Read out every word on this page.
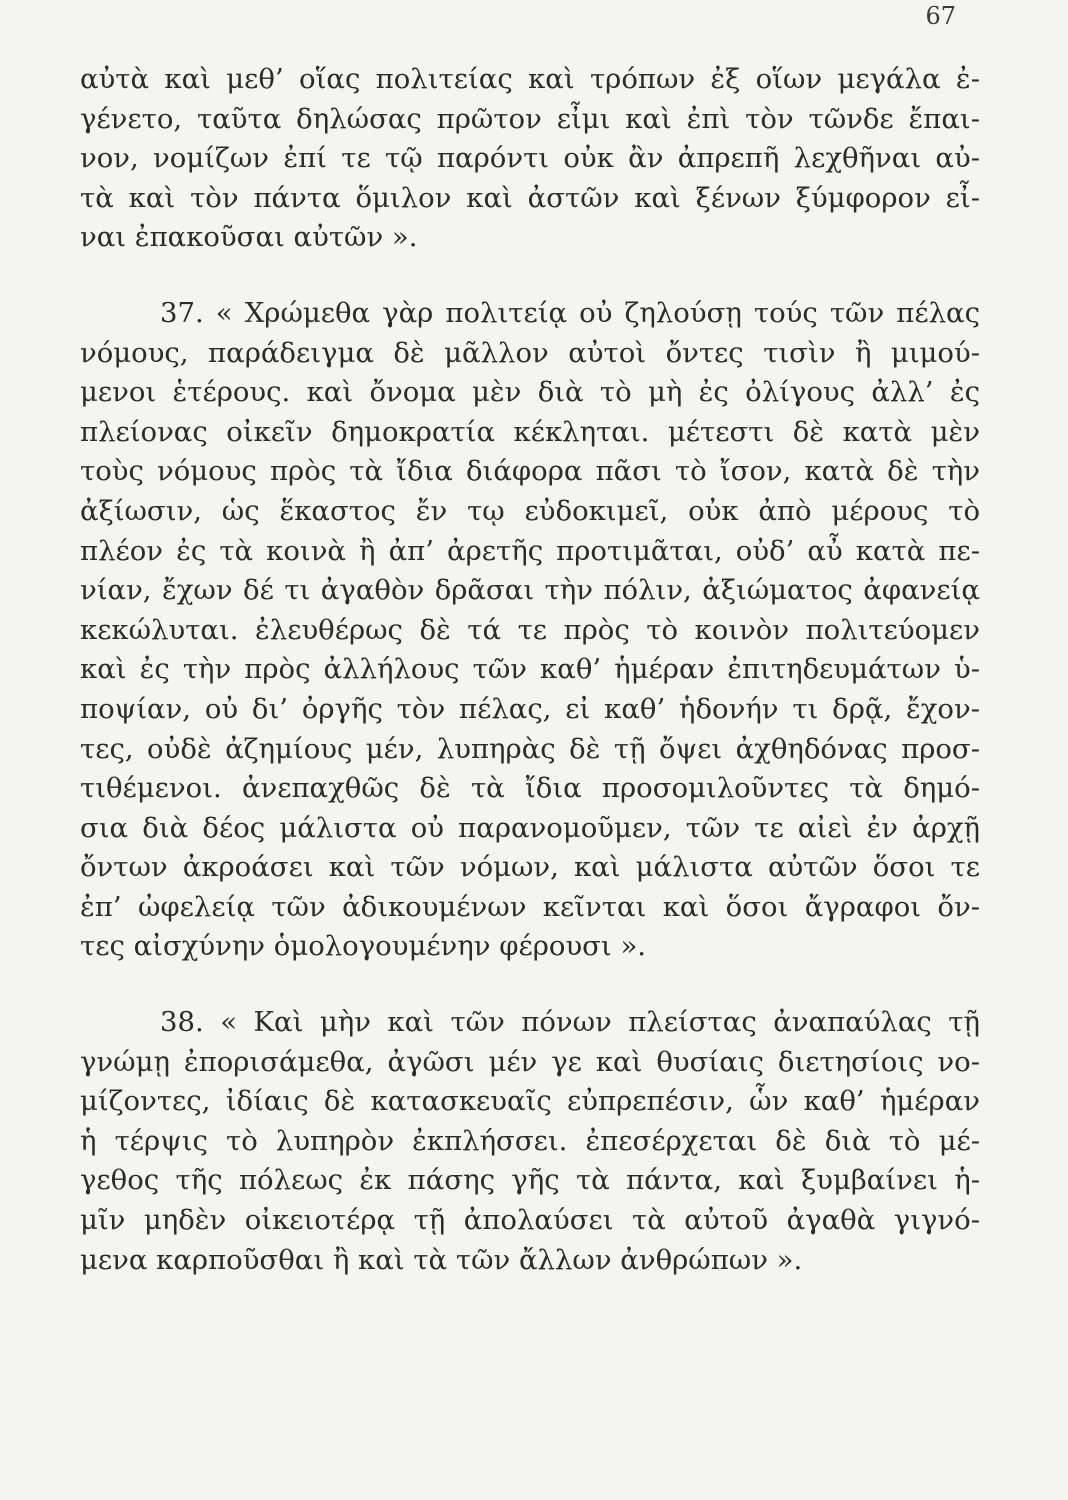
67
αὐτὰ καὶ μεθ’ οἵας πολιτείας καὶ τρόπων ἐξ οἵων μεγάλα ἐ-
γένετο, ταῦτα δηλώσας πρῶτον εἶμι καὶ ἐπὶ τὸν τῶνδε ἔπαι-
νον, νομίζων ἐπί τε τῷ παρόντι οὐκ ἂν ἀπρεπῆ λεχθῆναι αὐ-
τὰ καὶ τὸν πάντα ὅμιλον καὶ ἀστῶν καὶ ξένων ξύμφορον εἶ-
ναι ἐπακοῦσαι αὐτῶν ».
37. « Χρώμεθα γὰρ πολιτείᾳ οὐ ζηλούσῃ τούς τῶν πέλας
νόμους, παράδειγμα δὲ μᾶλλον αὐτοὶ ὄντες τισὶν ἢ μιμού-
μενοι ἑτέρους. καὶ ὄνομα μὲν διὰ τὸ μὴ ἐς ὀλίγους ἀλλ’ ἐς
πλείονας οἰκεῖν δημοκρατία κέκληται. μέτεστι δὲ κατὰ μὲν
τοὺς νόμους πρὸς τὰ ἴδια διάφορα πᾶσι τὸ ἴσον, κατὰ δὲ τὴν
ἀξίωσιν, ὡς ἕκαστος ἔν τῳ εὐδοκιμεῖ, οὐκ ἀπὸ μέρους τὸ
πλέον ἐς τὰ κοινὰ ἢ ἀπ’ ἀρετῆς προτιμᾶται, οὐδ’ αὖ κατὰ πε-
νίαν, ἔχων δέ τι ἀγαθὸν δρᾶσαι τὴν πόλιν, ἀξιώματος ἀφανείᾳ
κεκώλυται. ἐλευθέρως δὲ τά τε πρὸς τὸ κοινὸν πολιτεύομεν
καὶ ἐς τὴν πρὸς ἀλλήλους τῶν καθ’ ἡμέραν ἐπιτηδευμάτων ὑ-
ποψίαν, οὐ δι’ ὀργῆς τὸν πέλας, εἰ καθ’ ἡδονήν τι δρᾷ, ἔχον-
τες, οὐδὲ ἀζημίους μέν, λυπηρὰς δὲ τῇ ὄψει ἀχθηδόνας προσ-
τιθέμενοι. ἀνεπαχθῶς δὲ τὰ ἴδια προσομιλοῦντες τὰ δημό-
σια διὰ δέος μάλιστα οὐ παρανομοῦμεν, τῶν τε αἰεὶ ἐν ἀρχῇ
ὄντων ἀκροάσει καὶ τῶν νόμων, καὶ μάλιστα αὐτῶν ὅσοι τε
ἐπ’ ὠφελείᾳ τῶν ἀδικουμένων κεῖνται καὶ ὅσοι ἄγραφοι ὄν-
τες αἰσχύνην ὁμολογουμένην φέρουσι ».
38. « Καὶ μὴν καὶ τῶν πόνων πλείστας ἀναπαύλας τῇ
γνώμῃ ἐπορισάμεθα, ἀγῶσι μέν γε καὶ θυσίαις διετησίοις νο-
μίζοντες, ἰδίαις δὲ κατασκευαῖς εὐπρεπέσιν, ὧν καθ’ ἡμέραν
ἡ τέρψις τὸ λυπηρὸν ἐκπλήσσει. ἐπεσέρχεται δὲ διὰ τὸ μέ-
γεθος τῆς πόλεως ἐκ πάσης γῆς τὰ πάντα, καὶ ξυμβαίνει ἡ-
μῖν μηδὲν οἰκειοτέρᾳ τῇ ἀπολαύσει τὰ αὐτοῦ ἀγαθὰ γιγνό-
μενα καρποῦσθαι ἢ καὶ τὰ τῶν ἄλλων ἀνθρώπων ».
